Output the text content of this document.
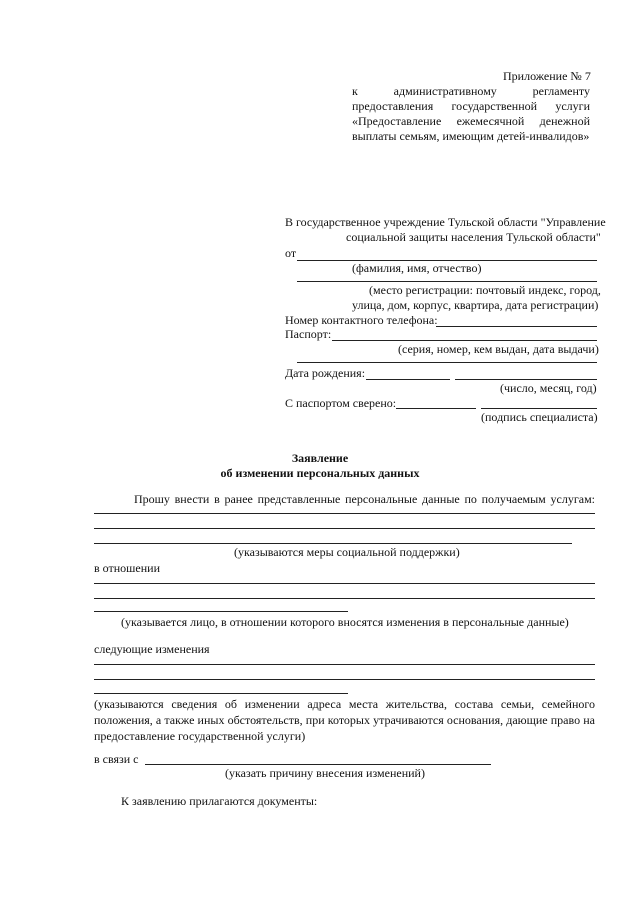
Приложение № 7
к административному регламенту
предоставления государственной услуги
«Предоставление ежемесячной денежной
выплаты семьям, имеющим детей-инвалидов»
В государственное учреждение Тульской области "Управление
социальной защиты населения Тульской области"
от
(фамилия, имя, отчество)
(место регистрации: почтовый индекс, город,
улица, дом, корпус, квартира, дата регистрации)
Номер контактного телефона:
Паспорт:
(серия, номер, кем выдан, дата выдачи)
Дата рождения:
(число, месяц, год)
С паспортом сверено:
(подпись специалиста)
Заявление
об изменении персональных данных
Прошу внести в ранее представленные персональные данные по получаемым услугам:
(указываются меры социальной поддержки)
в отношении
(указывается лицо, в отношении которого вносятся изменения в персональные данные)
следующие изменения
(указываются сведения об изменении адреса места жительства, состава семьи, семейного положения, а также иных обстоятельств, при которых утрачиваются основания, дающие право на предоставление государственной услуги)
в связи с
(указать причину внесения изменений)
К заявлению прилагаются документы:
